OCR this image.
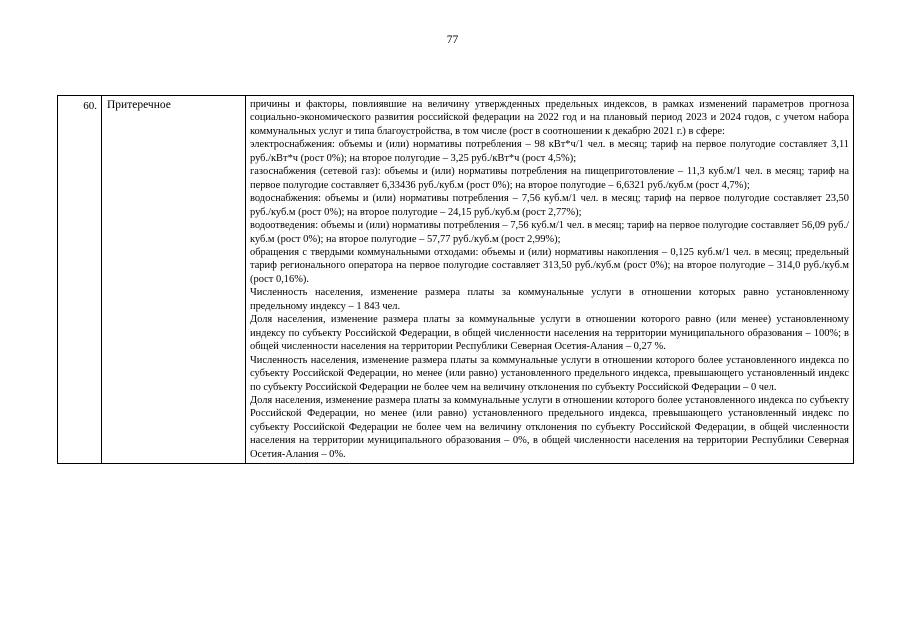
77
60.	Притеречное	причины и факторы, повлиявшие на величину утвержденных предельных индексов, в рамках изменений параметров прогноза социально-экономического развития российской федерации на 2022 год и на плановый период 2023 и 2024 годов, с учетом набора коммунальных услуг и типа благоустройства, в том числе (рост в соотношении к декабрю 2021 г.) в сфере:

электроснабжения: объемы и (или) нормативы потребления – 98 кВт*ч/1 чел. в месяц; тариф на первое полугодие составляет 3,11 руб./кВт*ч (рост 0%); на второе полугодие – 3,25 руб./кВт*ч (рост 4,5%);

газоснабжения (сетевой газ): объемы и (или) нормативы потребления на пищеприготовление – 11,3 куб.м/1 чел. в месяц; тариф на первое полугодие составляет 6,33436 руб./куб.м (рост 0%); на второе полугодие – 6,6321 руб./куб.м (рост 4,7%);

водоснабжения: объемы и (или) нормативы потребления – 7,56 куб.м/1 чел. в месяц; тариф на первое полугодие составляет 23,50 руб./куб.м (рост 0%); на второе полугодие – 24,15 руб./куб.м (рост 2,77%);

водоотведения: объемы и (или) нормативы потребления – 7,56 куб.м/1 чел. в месяц; тариф на первое полугодие составляет 56,09 руб./куб.м (рост 0%); на второе полугодие – 57,77 руб./куб.м (рост 2,99%);

обращения с твердыми коммунальными отходами: объемы и (или) нормативы накопления – 0,125 куб.м/1 чел. в месяц; предельный тариф регионального оператора на первое полугодие составляет 313,50 руб./куб.м (рост 0%); на второе полугодие – 314,0 руб./куб.м (рост 0,16%).

Численность населения, изменение размера платы за коммунальные услуги в отношении которых равно установленному предельному индексу – 1 843 чел.

Доля населения, изменение размера платы за коммунальные услуги в отношении которого равно (или менее) установленному индексу по субъекту Российской Федерации, в общей численности населения на территории муниципального образования – 100%; в общей численности населения на территории Республики Северная Осетия-Алания – 0,27 %.

Численность населения, изменение размера платы за коммунальные услуги в отношении которого более установленного индекса по субъекту Российской Федерации, но менее (или равно) установленного предельного индекса, превышающего установленный индекс по субъекту Российской Федерации не более чем на величину отклонения по субъекту Российской Федерации – 0 чел.

Доля населения, изменение размера платы за коммунальные услуги в отношении которого более установленного индекса по субъекту Российской Федерации, но менее (или равно) установленного предельного индекса, превышающего установленный индекс по субъекту Российской Федерации не более чем на величину отклонения по субъекту Российской Федерации, в общей численности населения на территории муниципального образования – 0%, в общей численности населения на территории Республики Северная Осетия-Алания – 0%.
